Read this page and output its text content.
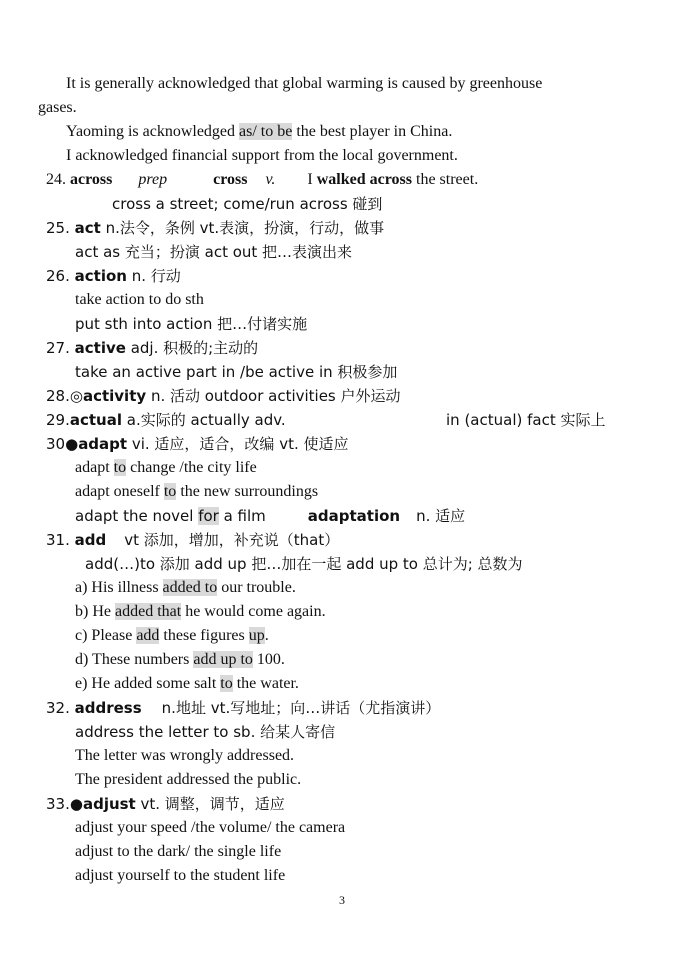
It is generally acknowledged that global warming is caused by greenhouse
gases.
Yaoming is acknowledged as/ to be the best player in China.
I acknowledged financial support from the local government.
24. across prep	cross v. I walked across the street.
cross a street; come/run across 碰到
25. act n.法令，条例 vt.表演，扮演，行动，做事
act as 充当；扮演 act out 把…表演出来
26. action n. 行动
take action to do sth
put sth into action 把…付诸实施
27. active adj. 积极的;主动的
take an active part in /be active in 积极参加
28.◎activity n. 活动 outdoor activities 户外运动
29.actual a.实际的 actually adv.	in (actual) fact 实际上
30●adapt vi. 适应，适合，改编 vt. 使适应
adapt to change /the city life
adapt oneself to the new surroundings
adapt the novel for a film	adaptation n. 适应
31. add vt 添加，增加，补充说（that）
add(…)to 添加 add up 把…加在一起 add up to 总计为; 总数为
a) His illness added to our trouble.
b) He added that he would come again.
c) Please add these figures up.
d) These numbers add up to 100.
e) He added some salt to the water.
32. address n.地址 vt.写地址；向…讲话（尤指演讲）
address the letter to sb. 给某人寄信
The letter was wrongly addressed.
The president addressed the public.
33.●adjust vt. 调整，调节，适应
adjust your speed /the volume/ the camera
adjust to the dark/ the single life
adjust yourself to the student life
3
